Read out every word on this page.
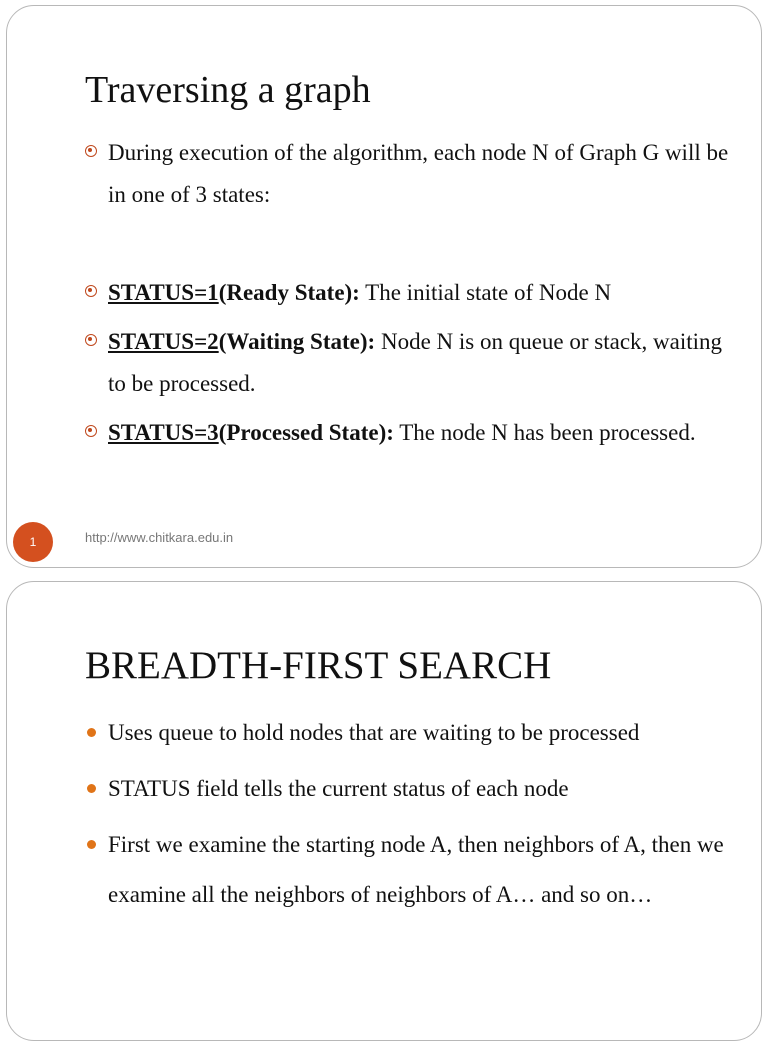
Traversing a graph
During execution of the algorithm, each node N of Graph G will be in one of 3 states:
STATUS=1(Ready State): The initial state of Node N
STATUS=2(Waiting State): Node N is on queue or stack, waiting to be processed.
STATUS=3(Processed State): The node N has been processed.
1	http://www.chitkara.edu.in
BREADTH-FIRST SEARCH
Uses queue to hold nodes that are waiting to be processed
STATUS field tells the current status of each node
First we examine the starting node A, then neighbors of A, then we examine all the neighbors of neighbors of A… and so on…
